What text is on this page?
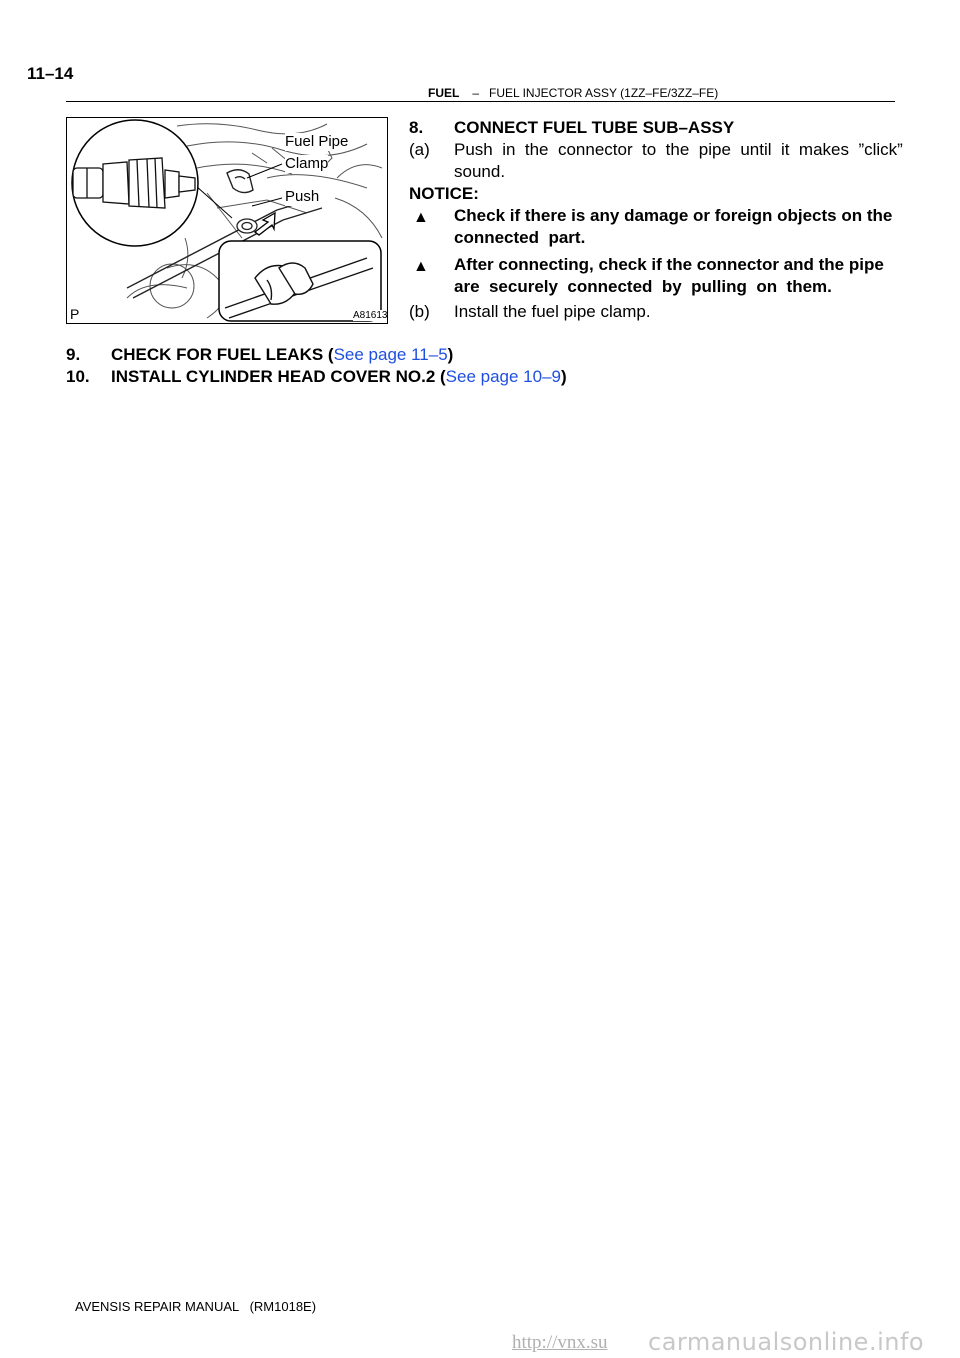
11–14
FUEL – FUEL INJECTOR ASSY (1ZZ–FE/3ZZ–FE)
Fuel Pipe
Clamp
Push
A81613
P
8. CONNECT FUEL TUBE SUB–ASSY
(a) Push  in  the  connector  to  the  pipe  until  it  makes  ”click”
sound.
NOTICE:
▲ Check if there is any damage or foreign objects on the
connected  part.
▲ After connecting, check if the connector and the pipe
are  securely  connected  by  pulling  on  them.
(b) Install the fuel pipe clamp.
9. CHECK FOR FUEL LEAKS (See page 11–5)
10. INSTALL CYLINDER HEAD COVER NO.2 (See page 10–9)
AVENSIS REPAIR MANUAL   (RM1018E)
http://vnx.su carmanualsonline.info
